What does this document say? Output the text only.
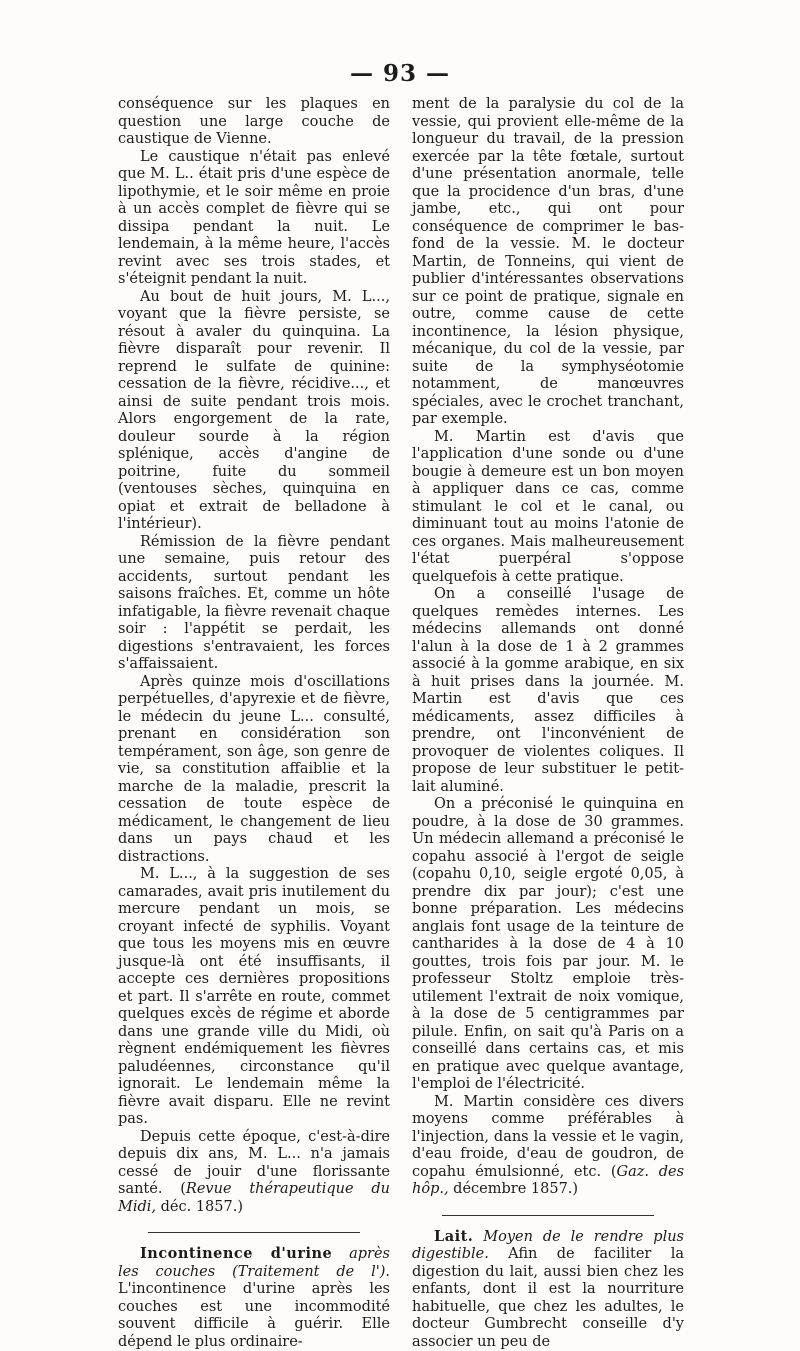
— 93 —

conséquence sur les plaques en question une large couche de caustique de Vienne.

Le caustique n'était pas enlevé que M. L.. était pris d'une espèce de lipothymie, et le soir même en proie à un accès complet de fièvre qui se dissipa pendant la nuit. Le lendemain, à la même heure, l'accès revint avec ses trois stades, et s'éteignit pendant la nuit.

Au bout de huit jours, M. L..., voyant que la fièvre persiste, se résout à avaler du quinquina. La fièvre disparaît pour revenir. Il reprend le sulfate de quinine: cessation de la fièvre, récidive..., et ainsi de suite pendant trois mois. Alors engorgement de la rate, douleur sourde à la région splénique, accès d'angine de poitrine, fuite du sommeil (ventouses sèches, quinquina en opiat et extrait de belladone à l'intérieur).

Rémission de la fièvre pendant une semaine, puis retour des accidents, surtout pendant les saisons fraîches. Et, comme un hôte infatigable, la fièvre revenait chaque soir : l'appétit se perdait, les digestions s'entravaient, les forces s'affaissaient.

Après quinze mois d'oscillations perpétuelles, d'apyrexie et de fièvre, le médecin du jeune L... consulté, prenant en considération son tempérament, son âge, son genre de vie, sa constitution affaiblie et la marche de la maladie, prescrit la cessation de toute espèce de médicament, le changement de lieu dans un pays chaud et les distractions.

M. L..., à la suggestion de ses camarades, avait pris inutilement du mercure pendant un mois, se croyant infecté de syphilis. Voyant que tous les moyens mis en œuvre jusque-là ont été insuffisants, il accepte ces dernières propositions et part. Il s'arrête en route, commet quelques excès de régime et aborde dans une grande ville du Midi, où règnent endémiquement les fièvres paludéennes, circonstance qu'il ignorait. Le lendemain même la fièvre avait disparu. Elle ne revint pas.

Depuis cette époque, c'est-à-dire depuis dix ans, M. L... n'a jamais cessé de jouir d'une florissante santé. (Revue thérapeutique du Midi, déc. 1857.)

Incontinence d'urine après les couches (Traitement de l'). L'incontinence d'urine après les couches est une incommodité souvent difficile à guérir. Elle dépend le plus ordinaire-

ment de la paralysie du col de la vessie, qui provient elle-même de la longueur du travail, de la pression exercée par la tête fœtale, surtout d'une présentation anormale, telle que la procidence d'un bras, d'une jambe, etc., qui ont pour conséquence de comprimer le bas-fond de la vessie. M. le docteur Martin, de Tonneins, qui vient de publier d'intéressantes observations sur ce point de pratique, signale en outre, comme cause de cette incontinence, la lésion physique, mécanique, du col de la vessie, par suite de la symphyséotomie notamment, de manœuvres spéciales, avec le crochet tranchant, par exemple.

M. Martin est d'avis que l'application d'une sonde ou d'une bougie à demeure est un bon moyen à appliquer dans ce cas, comme stimulant le col et le canal, ou diminuant tout au moins l'atonie de ces organes. Mais malheureusement l'état puerpéral s'oppose quelquefois à cette pratique.

On a conseillé l'usage de quelques remèdes internes. Les médecins allemands ont donné l'alun à la dose de 1 à 2 grammes associé à la gomme arabique, en six à huit prises dans la journée. M. Martin est d'avis que ces médicaments, assez difficiles à prendre, ont l'inconvénient de provoquer de violentes coliques. Il propose de leur substituer le petit-lait aluminé.

On a préconisé le quinquina en poudre, à la dose de 30 grammes. Un médecin allemand a préconisé le copahu associé à l'ergot de seigle (copahu 0,10, seigle ergoté 0,05, à prendre dix par jour); c'est une bonne préparation. Les médecins anglais font usage de la teinture de cantharides à la dose de 4 à 10 gouttes, trois fois par jour. M. le professeur Stoltz emploie très-utilement l'extrait de noix vomique, à la dose de 5 centigrammes par pilule. Enfin, on sait qu'à Paris on a conseillé dans certains cas, et mis en pratique avec quelque avantage, l'emploi de l'électricité.

M. Martin considère ces divers moyens comme préférables à l'injection, dans la vessie et le vagin, d'eau froide, d'eau de goudron, de copahu émulsionné, etc. (Gaz. des hôp., décembre 1857.)

Lait. Moyen de le rendre plus digestible. Afin de faciliter la digestion du lait, aussi bien chez les enfants, dont il est la nourriture habituelle, que chez les adultes, le docteur Gumbrecht conseille d'y associer un peu de
